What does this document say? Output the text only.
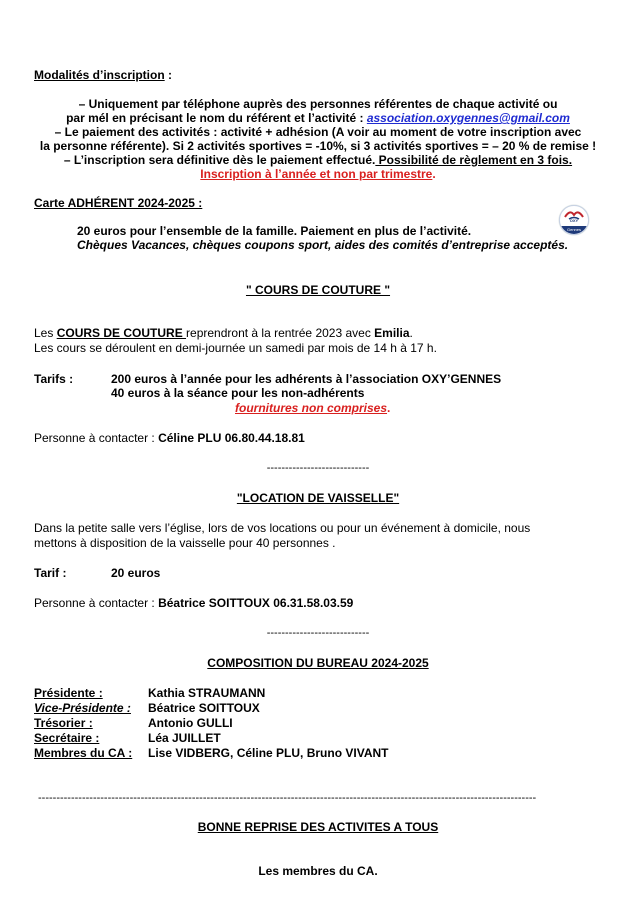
Modalités d’inscription :
– Uniquement par téléphone auprès des personnes référentes de chaque activité ou
par mél en précisant le nom du référent et l’activité : association.oxygennes@gmail.com
– Le paiement des activités : activité + adhésion (A voir au moment de votre inscription avec
la personne référente). Si 2 activités sportives = -10%, si 3 activités sportives = – 20 % de remise !
– L’inscription sera définitive dès le paiement effectué. Possibilité de règlement en 3 fois.
Inscription à l’année et non par trimestre.
Carte ADHÉRENT 2024-2025 :
OXY
Gennes
20 euros pour l’ensemble de la famille. Paiement en plus de l’activité.
Chèques Vacances, chèques coupons sport, aides des comités d’entreprise acceptés.
" COURS DE COUTURE "
Les COURS DE COUTURE reprendront à la rentrée 2023 avec Emilia.
Les cours se déroulent en demi-journée un samedi par mois de 14 h à 17 h.
Tarifs :	200 euros à l’année pour les adhérents à l’association OXY’GENNES
40 euros à la séance pour les non-adhérents
fournitures non comprises.
Personne à contacter : Céline PLU 06.80.44.18.81
----------------------------
"LOCATION DE VAISSELLE"
Dans la petite salle vers l’église, lors de vos locations ou pour un événement à domicile, nous
mettons à disposition de la vaisselle pour 40 personnes .
Tarif :	20 euros
Personne à contacter : Béatrice SOITTOUX 06.31.58.03.59
----------------------------
COMPOSITION DU BUREAU 2024-2025
Présidente :	Kathia STRAUMANN
Vice-Présidente : Béatrice SOITTOUX
Trésorier :	Antonio GULLI
Secrétaire :	Léa JUILLET
Membres du CA : Lise VIDBERG, Céline PLU, Bruno VIVANT
----------------------------------------------------------------------------------------------------------------------------------------
BONNE REPRISE DES ACTIVITES A TOUS
Les membres du CA.
